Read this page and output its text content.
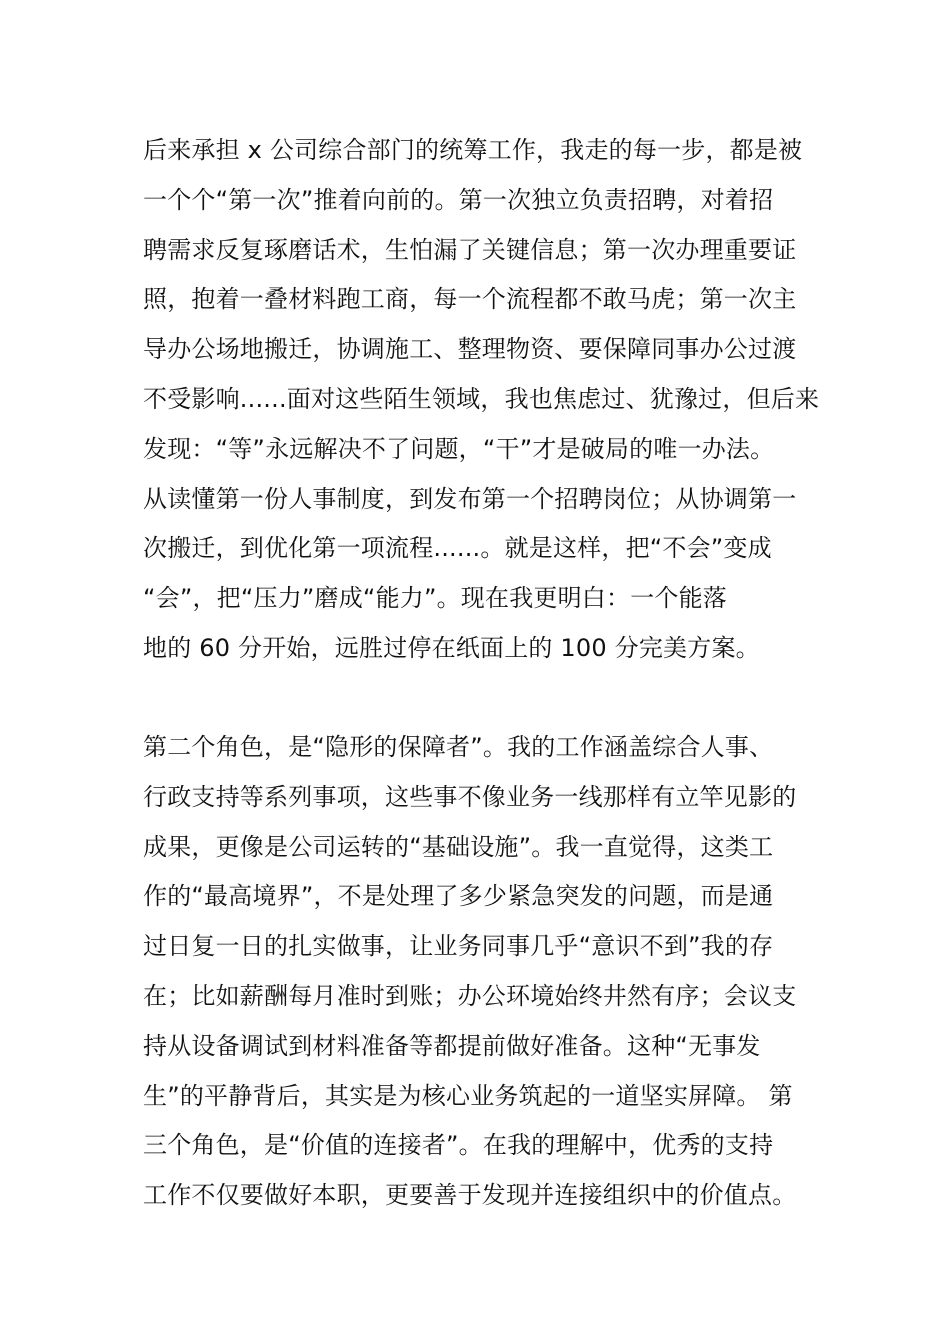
后来承担 x 公司综合部门的统筹工作，我走的每一步，都是被
一个个“第一次”推着向前的。第一次独立负责招聘，对着招
聘需求反复琢磨话术，生怕漏了关键信息；第一次办理重要证
照，抱着一叠材料跑工商，每一个流程都不敢马虎；第一次主
导办公场地搬迁，协调施工、整理物资、要保障同事办公过渡
不受影响......面对这些陌生领域，我也焦虑过、犹豫过，但后来
发现：“等”永远解决不了问题，“干”才是破局的唯一办法。
从读懂第一份人事制度，到发布第一个招聘岗位；从协调第一
次搬迁，到优化第一项流程......。就是这样，把“不会”变成
“会”，把“压力”磨成“能力”。现在我更明白：一个能落
地的 60 分开始，远胜过停在纸面上的 100 分完美方案。
第二个角色，是“隐形的保障者”。我的工作涵盖综合人事、
行政支持等系列事项，这些事不像业务一线那样有立竿见影的
成果，更像是公司运转的“基础设施”。我一直觉得，这类工
作的“最高境界”，不是处理了多少紧急突发的问题，而是通
过日复一日的扎实做事，让业务同事几乎“意识不到”我的存
在；比如薪酬每月准时到账；办公环境始终井然有序；会议支
持从设备调试到材料准备等都提前做好准备。这种“无事发
生”的平静背后，其实是为核心业务筑起的一道坚实屏障。 第
三个角色，是“价值的连接者”。在我的理解中，优秀的支持
工作不仅要做好本职，更要善于发现并连接组织中的价值点。
